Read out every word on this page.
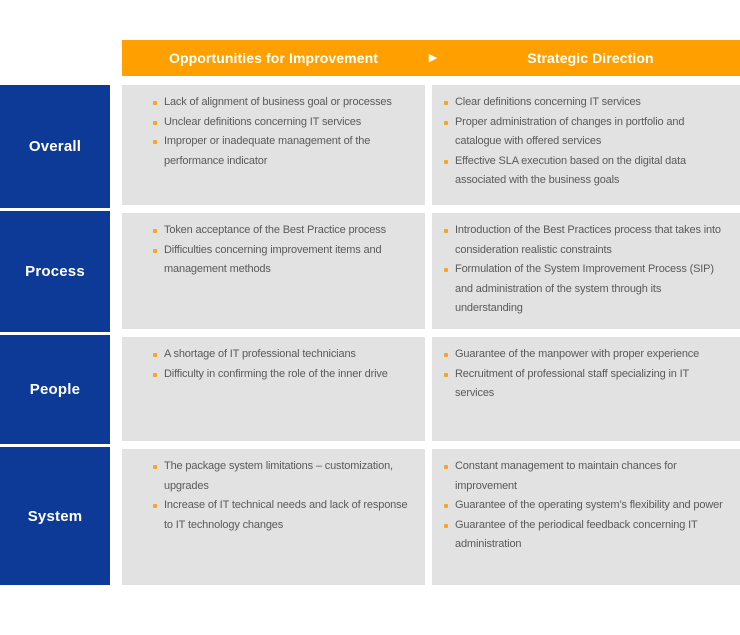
Opportunities for Improvement	▶	Strategic Direction
Overall
Lack of alignment of business goal or processes
Unclear definitions concerning IT services
Improper or inadequate management of the performance indicator
Clear definitions concerning IT services
Proper administration of changes in portfolio and catalogue with offered services
Effective SLA execution based on the digital data associated with the business goals
Process
Token acceptance of the Best Practice process
Difficulties concerning improvement items and management methods
Introduction of the Best Practices process that takes into consideration realistic constraints
Formulation of the System Improvement Process (SIP) and administration of the system through its understanding
People
A shortage of IT professional technicians
Difficulty in confirming the role of the inner drive
Guarantee of the manpower with proper experience
Recruitment of professional staff specializing in IT services
System
The package system limitations – customization, upgrades
Increase of IT technical needs and lack of response to IT technology changes
Constant management to maintain chances for improvement
Guarantee of the operating system’s flexibility and power
Guarantee of the periodical feedback concerning IT administration
